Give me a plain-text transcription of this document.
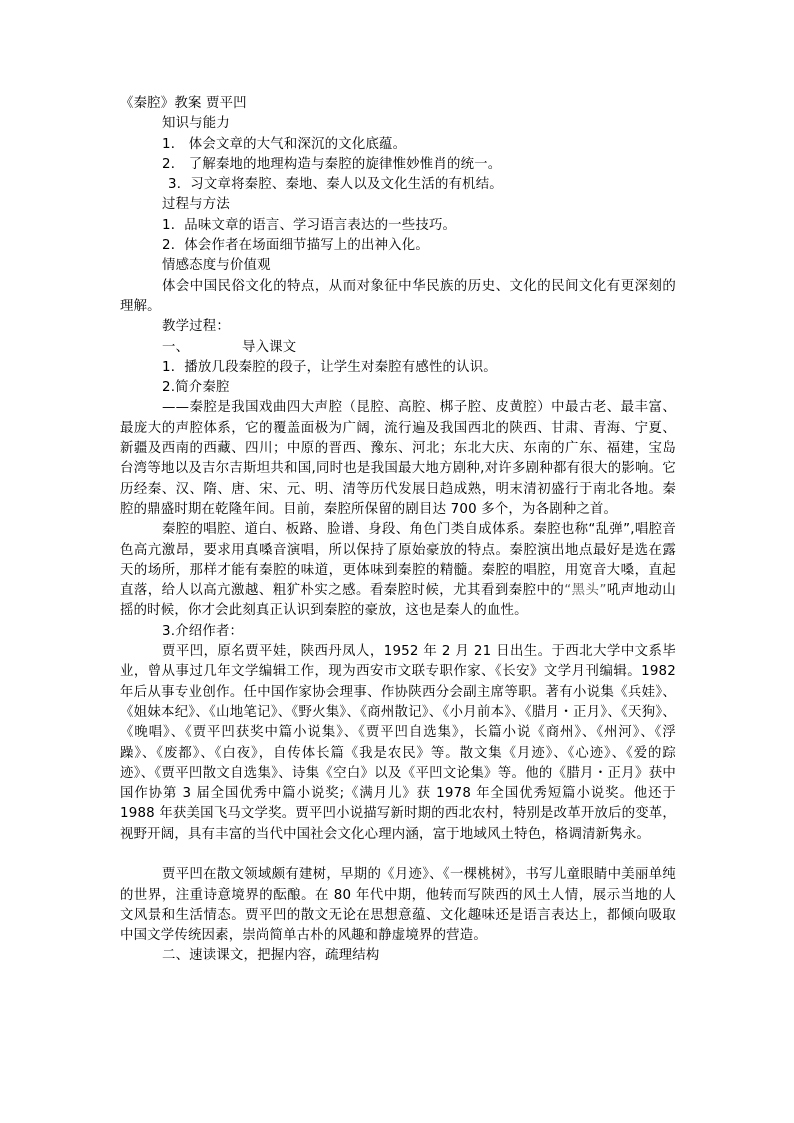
《秦腔》教案 贾平凹

知识与能力

1． 体会文章的大气和深沉的文化底蕴。

2． 了解秦地的地理构造与秦腔的旋律惟妙惟肖的统一。

3．习文章将秦腔、秦地、秦人以及文化生活的有机结。

过程与方法

1．品味文章的语言、学习语言表达的一些技巧。

2．体会作者在场面细节描写上的出神入化。

情感态度与价值观

体会中国民俗文化的特点，从而对象征中华民族的历史、文化的民间文化有更深刻的理解。

教学过程：

一、	导入课文

1．播放几段秦腔的段子，让学生对秦腔有感性的认识。

2.简介秦腔

——秦腔是我国戏曲四大声腔（昆腔、高腔、梆子腔、皮黄腔）中最古老、最丰富、最庞大的声腔体系，它的覆盖面极为广阔，流行遍及我国西北的陕西、甘肃、青海、宁夏、新疆及西南的西藏、四川；中原的晋西、豫东、河北；东北大庆、东南的广东、福建，宝岛台湾等地以及吉尔吉斯坦共和国,同时也是我国最大地方剧种,对许多剧种都有很大的影响。它历经秦、汉、隋、唐、宋、元、明、清等历代发展日趋成熟，明末清初盛行于南北各地。秦腔的鼎盛时期在乾隆年间。目前，秦腔所保留的剧目达 700 多个，为各剧种之首。

秦腔的唱腔、道白、板路、脸谱、身段、角色门类自成体系。秦腔也称“乱弹”,唱腔音色高亢激昂，要求用真嗓音演唱，所以保持了原始豪放的特点。秦腔演出地点最好是选在露天的场所，那样才能有秦腔的味道，更体味到秦腔的精髓。秦腔的唱腔，用宽音大嗓，直起直落，给人以高亢激越、粗犷朴实之感。看秦腔时候，尤其看到秦腔中的“黑头”吼声地动山摇的时候，你才会此刻真正认识到秦腔的豪放，这也是秦人的血性。

3.介绍作者：

贾平凹，原名贾平娃，陕西丹凤人，1952 年 2 月 21 日出生。于西北大学中文系毕业，曾从事过几年文学编辑工作，现为西安市文联专职作家、《长安》文学月刊编辑。1982 年后从事专业创作。任中国作家协会理事、作协陕西分会副主席等职。著有小说集《兵娃》、《姐妹本纪》、《山地笔记》、《野火集》、《商州散记》、《小月前本》、《腊月・正月》、《天狗》、《晚唱》、《贾平凹获奖中篇小说集》、《贾平凹自选集》，长篇小说《商州》、《州河》、《浮躁》、《废都》、《白夜》，自传体长篇《我是农民》等。散文集《月迹》、《心迹》、《爱的踪迹》、《贾平凹散文自选集》、诗集《空白》以及《平凹文论集》等。他的《腊月・正月》获中国作协第 3 届全国优秀中篇小说奖;《满月儿》获 1978 年全国优秀短篇小说奖。他还于 1988 年获美国飞马文学奖。贾平凹小说描写新时期的西北农村，特别是改革开放后的变革，视野开阔，具有丰富的当代中国社会文化心理内涵，富于地域风土特色，格调清新隽永。

贾平凹在散文领域颇有建树，早期的《月迹》、《一棵桃树》，书写儿童眼睛中美丽单纯的世界，注重诗意境界的酝酿。在 80 年代中期，他转而写陕西的风土人情，展示当地的人文风景和生活情态。贾平凹的散文无论在思想意蕴、文化趣味还是语言表达上，都倾向吸取中国文学传统因素，崇尚简单古朴的风趣和静虚境界的营造。

二、速读课文，把握内容，疏理结构
